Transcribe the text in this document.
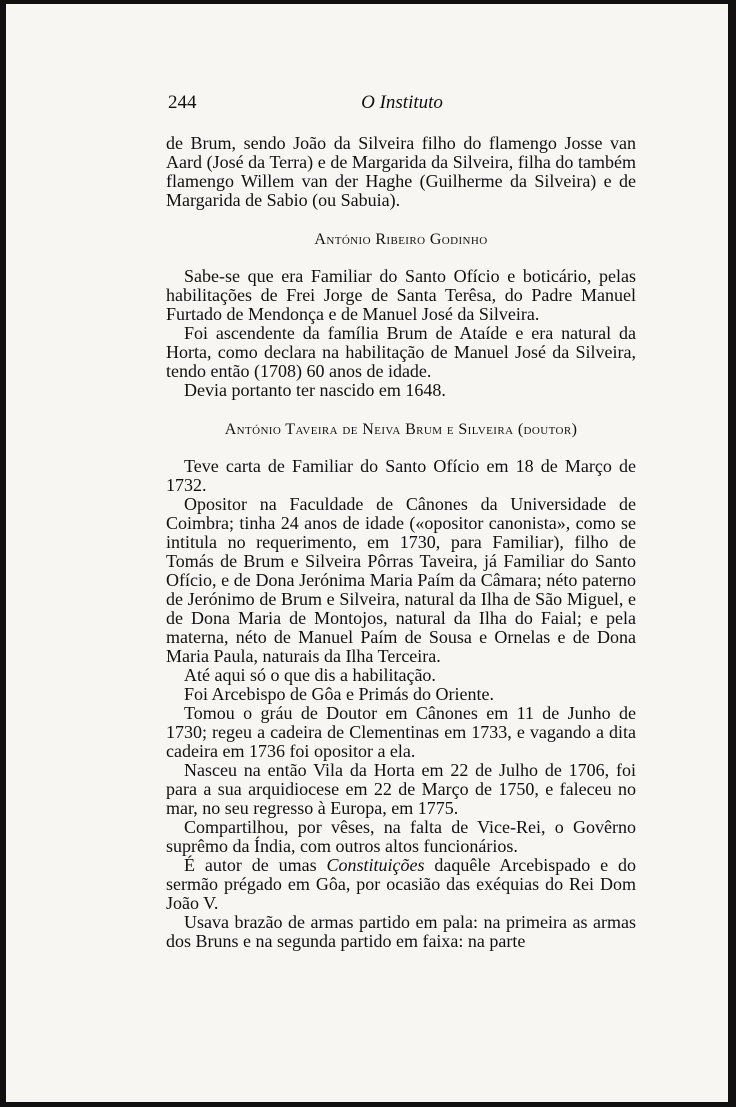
244	O Instituto

de Brum, sendo João da Silveira filho do flamengo Josse van Aard (José da Terra) e de Margarida da Silveira, filha do também flamengo Willem van der Haghe (Guilherme da Silveira) e de Margarida de Sabio (ou Sabuia).

António Ribeiro Godinho

Sabe-se que era Familiar do Santo Ofício e boticário, pelas habilitações de Frei Jorge de Santa Terêsa, do Padre Manuel Furtado de Mendonça e de Manuel José da Silveira.

Foi ascendente da família Brum de Ataíde e era natural da Horta, como declara na habilitação de Manuel José da Silveira, tendo então (1708) 60 anos de idade.

Devia portanto ter nascido em 1648.

António Taveira de Neiva Brum e Silveira (doutor)

Teve carta de Familiar do Santo Ofício em 18 de Março de 1732.

Opositor na Faculdade de Cânones da Universidade de Coimbra; tinha 24 anos de idade («opositor canonista», como se intitula no requerimento, em 1730, para Familiar), filho de Tomás de Brum e Silveira Pôrras Taveira, já Familiar do Santo Ofício, e de Dona Jerónima Maria Paím da Câmara; néto paterno de Jerónimo de Brum e Silveira, natural da Ilha de São Miguel, e de Dona Maria de Montojos, natural da Ilha do Faial; e pela materna, néto de Manuel Paím de Sousa e Ornelas e de Dona Maria Paula, naturais da Ilha Terceira.

Até aqui só o que dis a habilitação.

Foi Arcebispo de Gôa e Primás do Oriente.

Tomou o gráu de Doutor em Cânones em 11 de Junho de 1730; regeu a cadeira de Clementinas em 1733, e vagando a dita cadeira em 1736 foi opositor a ela.

Nasceu na então Vila da Horta em 22 de Julho de 1706, foi para a sua arquidiocese em 22 de Março de 1750, e faleceu no mar, no seu regresso à Europa, em 1775.

Compartilhou, por vêses, na falta de Vice-Rei, o Govêrno suprêmo da Índia, com outros altos funcionários.

É autor de umas Constituições daquêle Arcebispado e do sermão prégado em Gôa, por ocasião das exéquias do Rei Dom João V.

Usava brazão de armas partido em pala: na primeira as armas dos Bruns e na segunda partido em faixa: na parte
